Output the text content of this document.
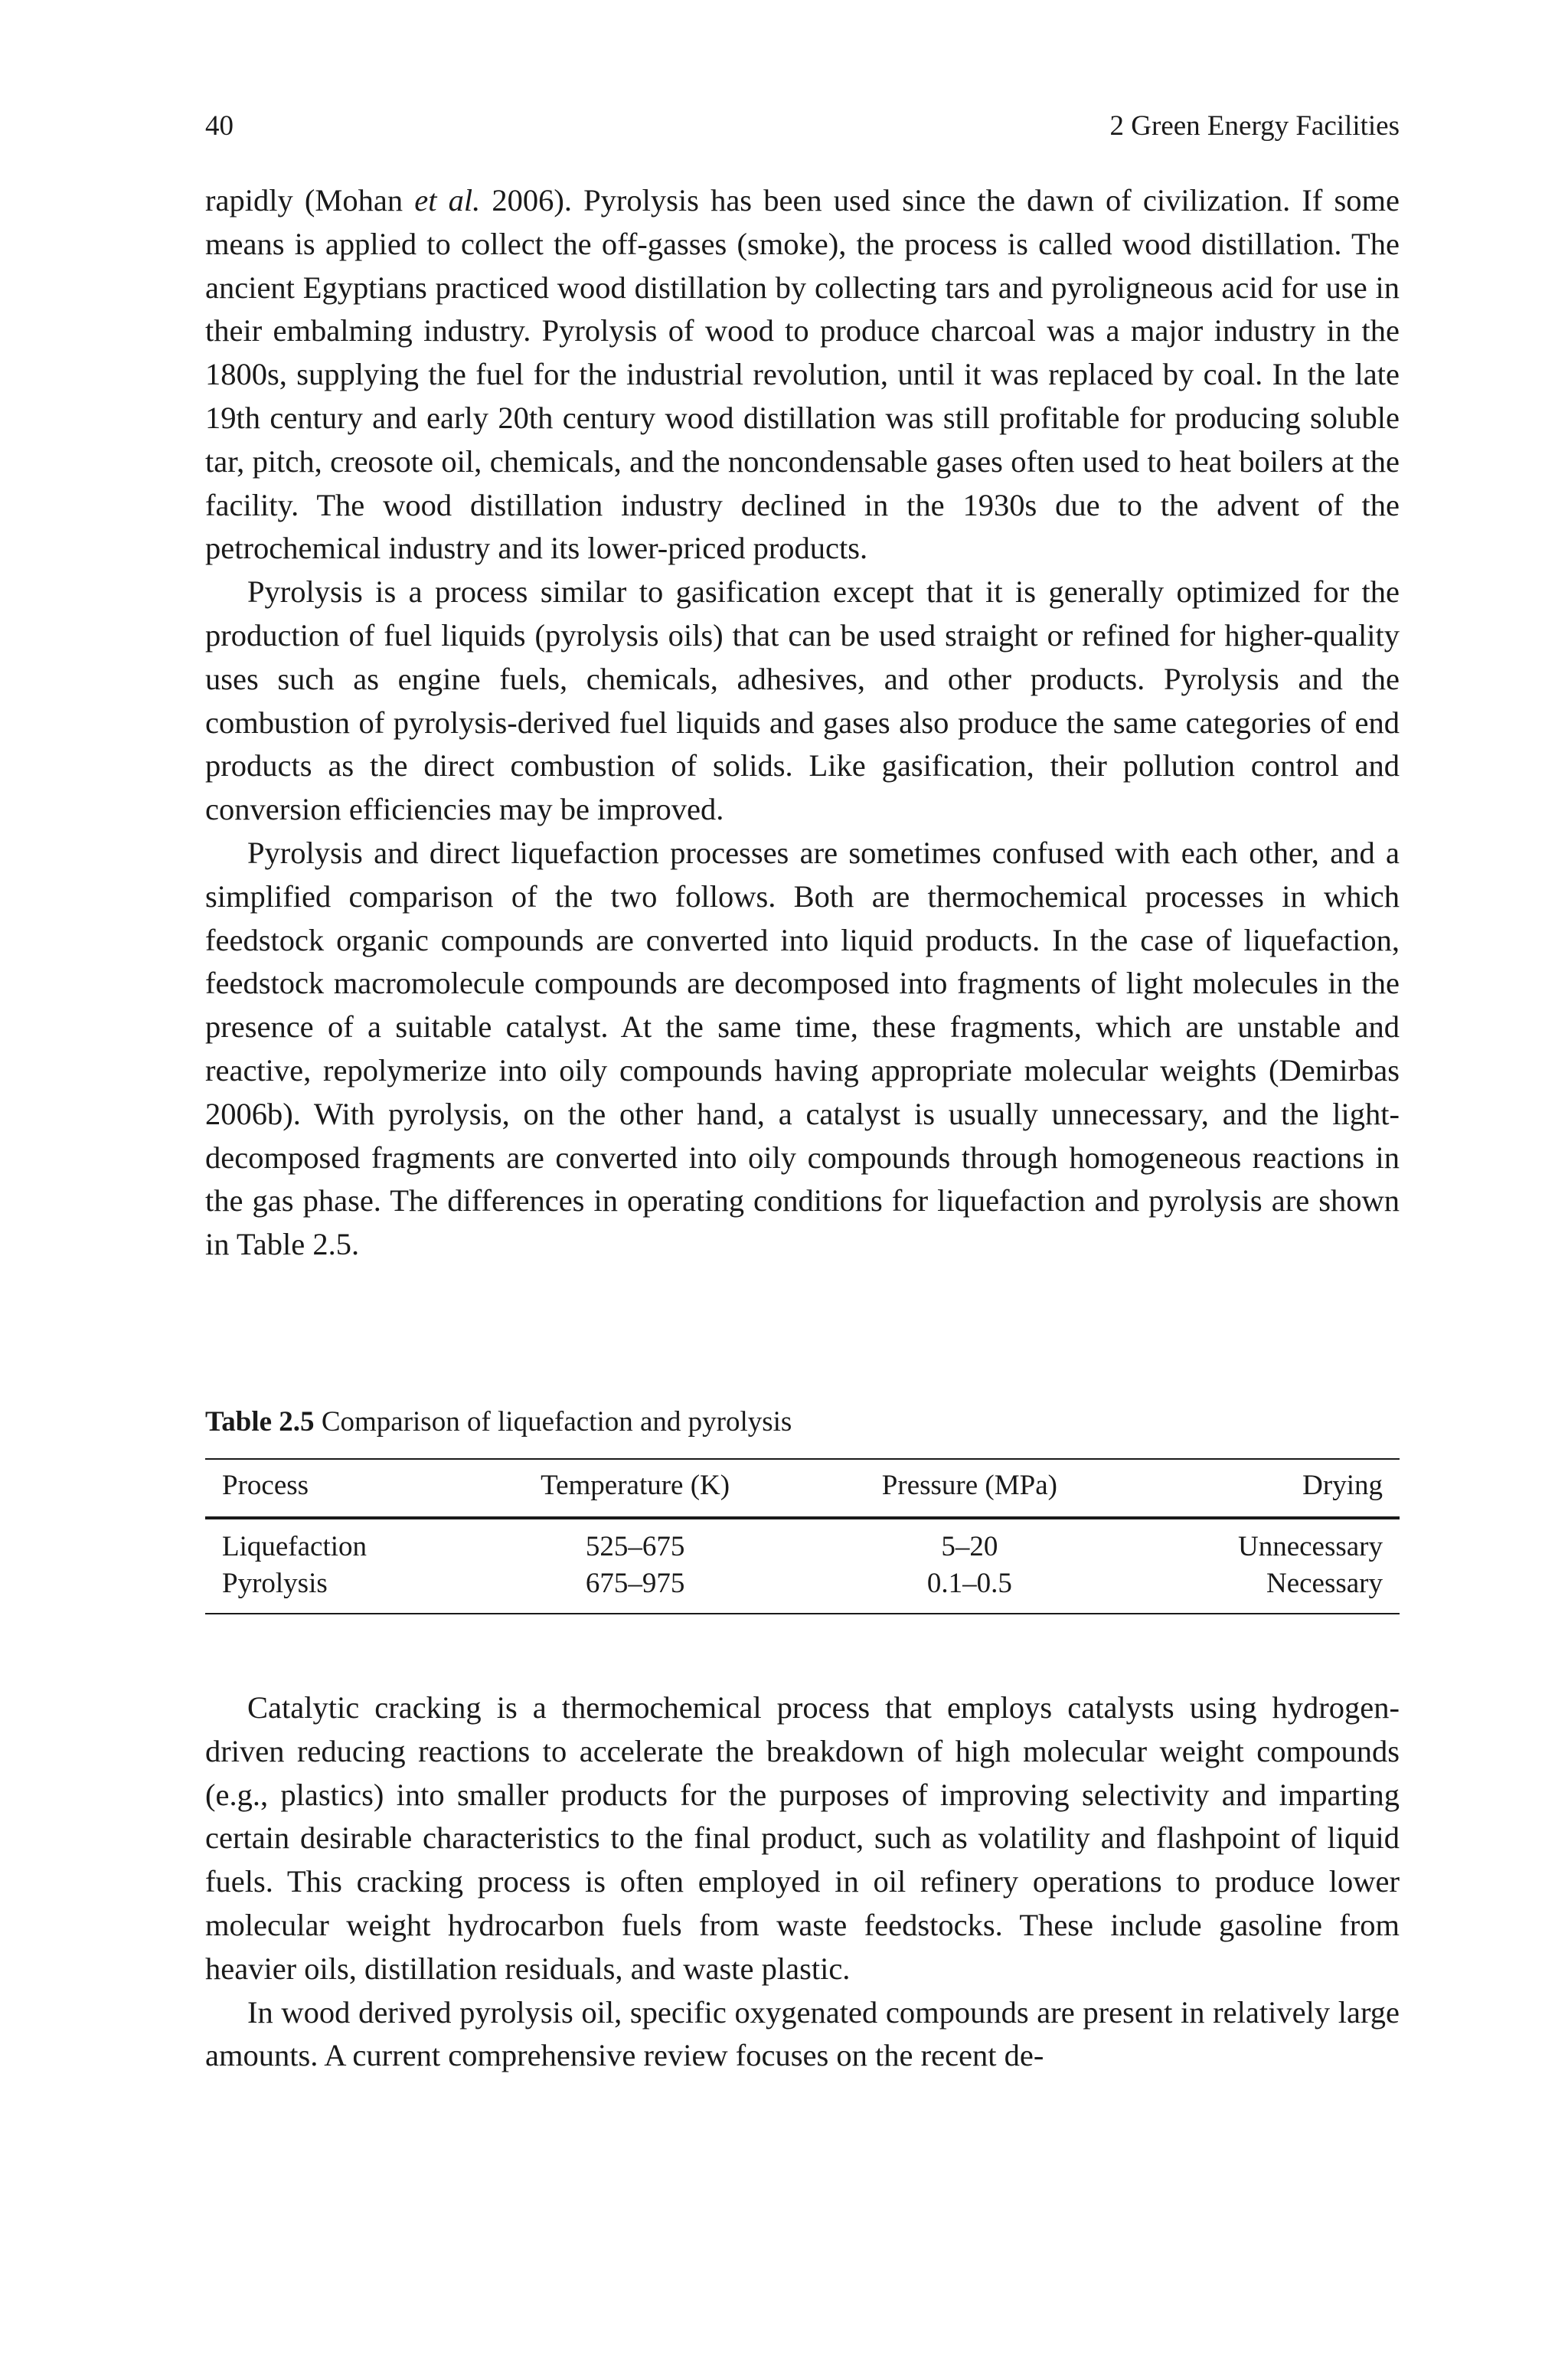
40	2 Green Energy Facilities

rapidly (Mohan et al. 2006). Pyrolysis has been used since the dawn of civilization. If some means is applied to collect the off-gasses (smoke), the process is called wood distillation. The ancient Egyptians practiced wood distillation by collecting tars and pyroligneous acid for use in their embalming industry. Pyrolysis of wood to produce charcoal was a major industry in the 1800s, supplying the fuel for the industrial revolution, until it was replaced by coal. In the late 19th century and early 20th century wood distillation was still profitable for producing soluble tar, pitch, creosote oil, chemicals, and the noncondensable gases often used to heat boilers at the facility. The wood distillation industry declined in the 1930s due to the advent of the petrochemical industry and its lower-priced products.

Pyrolysis is a process similar to gasification except that it is generally optimized for the production of fuel liquids (pyrolysis oils) that can be used straight or refined for higher-quality uses such as engine fuels, chemicals, adhesives, and other products. Pyrolysis and the combustion of pyrolysis-derived fuel liquids and gases also produce the same categories of end products as the direct combustion of solids. Like gasification, their pollution control and conversion efficiencies may be improved.

Pyrolysis and direct liquefaction processes are sometimes confused with each other, and a simplified comparison of the two follows. Both are thermochemical processes in which feedstock organic compounds are converted into liquid products. In the case of liquefaction, feedstock macromolecule compounds are decomposed into fragments of light molecules in the presence of a suitable catalyst. At the same time, these fragments, which are unstable and reactive, repolymerize into oily compounds having appropriate molecular weights (Demirbas 2006b). With pyrolysis, on the other hand, a catalyst is usually unnecessary, and the light-decomposed fragments are converted into oily compounds through homogeneous reactions in the gas phase. The differences in operating conditions for liquefaction and pyrolysis are shown in Table 2.5.

Table 2.5 Comparison of liquefaction and pyrolysis
Process	Temperature (K)	Pressure (MPa)	Drying
Liquefaction	525–675	5–20	Unnecessary
Pyrolysis	675–975	0.1–0.5	Necessary

Catalytic cracking is a thermochemical process that employs catalysts using hydrogen-driven reducing reactions to accelerate the breakdown of high molecular weight compounds (e.g., plastics) into smaller products for the purposes of improving selectivity and imparting certain desirable characteristics to the final product, such as volatility and flashpoint of liquid fuels. This cracking process is often employed in oil refinery operations to produce lower molecular weight hydrocarbon fuels from waste feedstocks. These include gasoline from heavier oils, distillation residuals, and waste plastic.

In wood derived pyrolysis oil, specific oxygenated compounds are present in relatively large amounts. A current comprehensive review focuses on the recent de-
